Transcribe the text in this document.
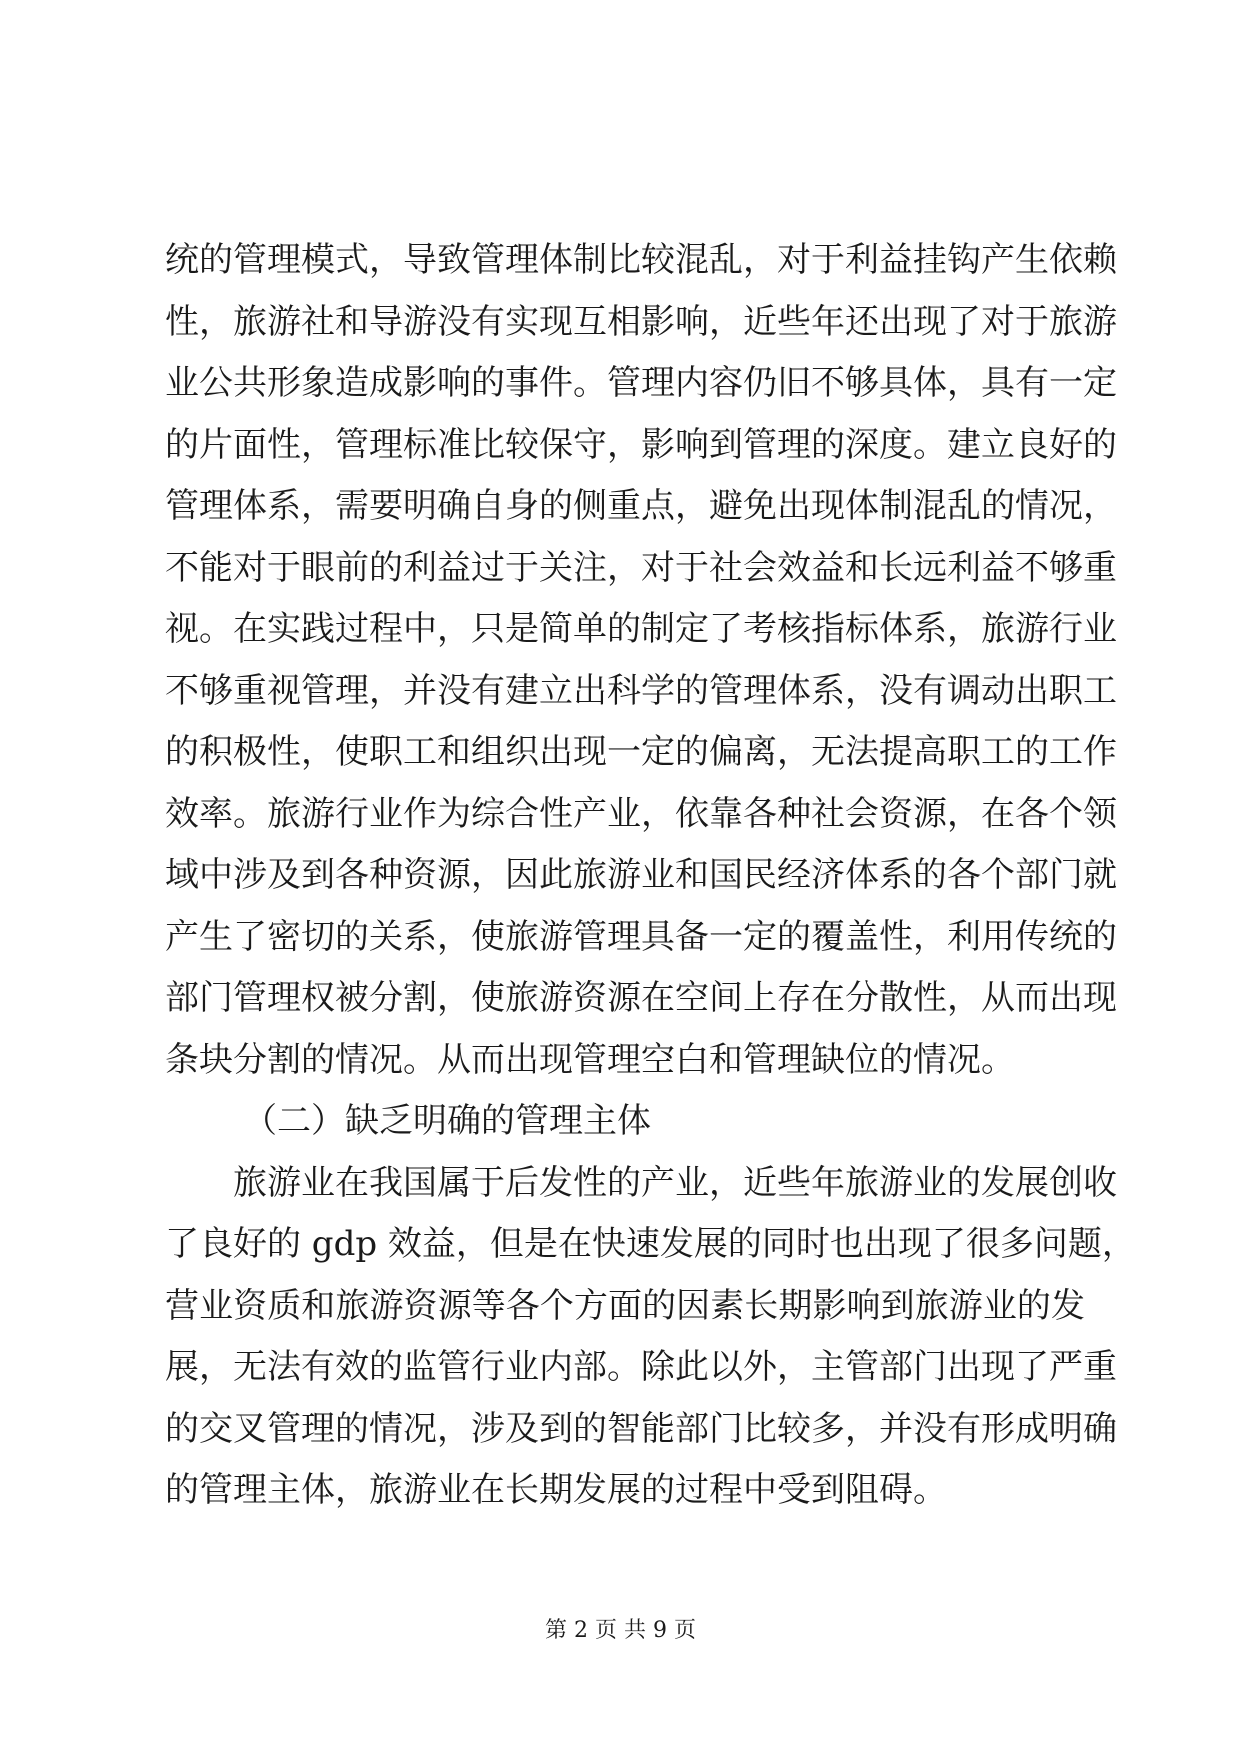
统的管理模式，导致管理体制比较混乱，对于利益挂钩产生依赖
性，旅游社和导游没有实现互相影响，近些年还出现了对于旅游
业公共形象造成影响的事件。管理内容仍旧不够具体，具有一定
的片面性，管理标准比较保守，影响到管理的深度。建立良好的
管理体系，需要明确自身的侧重点，避免出现体制混乱的情况，
不能对于眼前的利益过于关注，对于社会效益和长远利益不够重
视。在实践过程中，只是简单的制定了考核指标体系，旅游行业
不够重视管理，并没有建立出科学的管理体系，没有调动出职工
的积极性，使职工和组织出现一定的偏离，无法提高职工的工作
效率。旅游行业作为综合性产业，依靠各种社会资源，在各个领
域中涉及到各种资源，因此旅游业和国民经济体系的各个部门就
产生了密切的关系，使旅游管理具备一定的覆盖性，利用传统的
部门管理权被分割，使旅游资源在空间上存在分散性，从而出现
条块分割的情况。从而出现管理空白和管理缺位的情况。
（二）缺乏明确的管理主体
旅游业在我国属于后发性的产业，近些年旅游业的发展创收
了良好的 gdp 效益，但是在快速发展的同时也出现了很多问题，
营业资质和旅游资源等各个方面的因素长期影响到旅游业的发
展，无法有效的监管行业内部。除此以外，主管部门出现了严重
的交叉管理的情况，涉及到的智能部门比较多，并没有形成明确
的管理主体，旅游业在长期发展的过程中受到阻碍。
第 2 页 共 9 页
